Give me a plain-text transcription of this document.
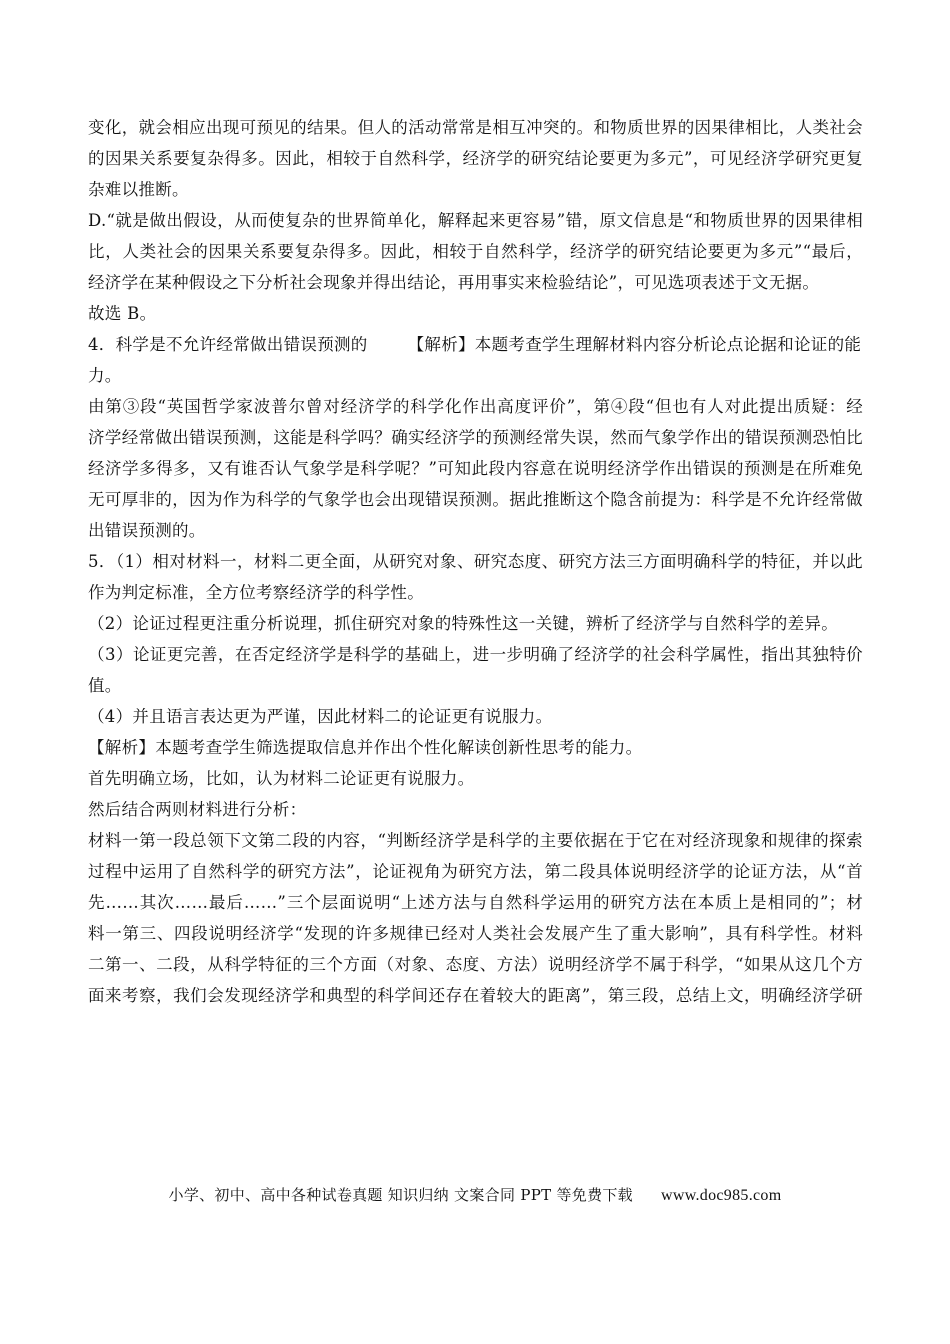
变化，就会相应出现可预见的结果。但人的活动常常是相互冲突的。和物质世界的因果律相比，人类社会
的因果关系要复杂得多。因此，相较于自然科学，经济学的研究结论要更为多元”，可见经济学研究更复
杂难以推断。
D.“就是做出假设，从而使复杂的世界简单化，解释起来更容易”错，原文信息是“和物质世界的因果律相
比，人类社会的因果关系要复杂得多。因此，相较于自然科学，经济学的研究结论要更为多元”“最后，
经济学在某种假设之下分析社会现象并得出结论，再用事实来检验结论”，可见选项表述于文无据。
故选 B。
4．科学是不允许经常做出错误预测的 【解析】本题考查学生理解材料内容分析论点论据和论证的能
力。
由第③段“英国哲学家波普尔曾对经济学的科学化作出高度评价”，第④段“但也有人对此提出质疑：经
济学经常做出错误预测，这能是科学吗？确实经济学的预测经常失误，然而气象学作出的错误预测恐怕比
经济学多得多，又有谁否认气象学是科学呢？”可知此段内容意在说明经济学作出错误的预测是在所难免
无可厚非的，因为作为科学的气象学也会出现错误预测。据此推断这个隐含前提为：科学是不允许经常做
出错误预测的。
5．（1）相对材料一，材料二更全面，从研究对象、研究态度、研究方法三方面明确科学的特征，并以此
作为判定标准，全方位考察经济学的科学性。
（2）论证过程更注重分析说理，抓住研究对象的特殊性这一关键，辨析了经济学与自然科学的差异。
（3）论证更完善，在否定经济学是科学的基础上，进一步明确了经济学的社会科学属性，指出其独特价
值。
（4）并且语言表达更为严谨，因此材料二的论证更有说服力。
【解析】本题考查学生筛选提取信息并作出个性化解读创新性思考的能力。
首先明确立场，比如，认为材料二论证更有说服力。
然后结合两则材料进行分析：
材料一第一段总领下文第二段的内容，“判断经济学是科学的主要依据在于它在对经济现象和规律的探索
过程中运用了自然科学的研究方法”，论证视角为研究方法，第二段具体说明经济学的论证方法，从“首
先……其次……最后……”三个层面说明“上述方法与自然科学运用的研究方法在本质上是相同的”；材
料一第三、四段说明经济学“发现的许多规律已经对人类社会发展产生了重大影响”，具有科学性。材料
二第一、二段，从科学特征的三个方面（对象、态度、方法）说明经济学不属于科学，“如果从这几个方
面来考察，我们会发现经济学和典型的科学间还存在着较大的距离”，第三段，总结上文，明确经济学研
小学、初中、高中各种试卷真题 知识归纳 文案合同 PPT 等免费下载 www.doc985.com
